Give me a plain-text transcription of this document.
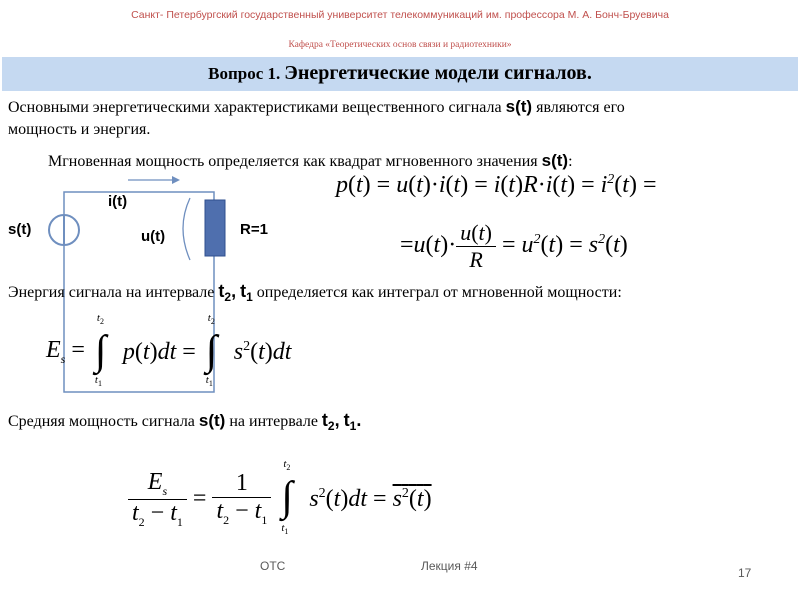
Санкт- Петербургский государственный университет телекоммуникаций им. профессора М. А. Бонч-Бруевича
Кафедра «Теоретических основ связи и радиотехники»
Вопрос 1. Энергетические модели сигналов.
Основными энергетическими характеристиками вещественного сигнала s(t) являются его
мощность и энергия.
Мгновенная мощность определяется как квадрат мгновенного значения s(t):
i(t)
s(t)	u(t)	R=1
$p(t) = u(t)\cdot i(t) = i(t)R\cdot i(t) = i^2(t)$ =
$=u(t)\cdot \frac{u(t)}{R} = u^2(t) = s^2(t)$
Энергия сигнала на интервале $t_2$, $t_1$ определяется как интеграл от мгновенной мощности:
$E_s$ =
$t_2$
∫
$t_1$
p(t)dt =
$t_2$
∫
$t_1$
$s^2(t)dt$
Средняя мощность сигнала s(t) на интервале $t_2$, $t_1$.
$\frac{E_s}{t_2 - t_1} = \frac{1}{t_2 - t_1}$

$t_2$
∫
$t_1$
$s^2(t)dt = s^2(t)$
ОТС	Лекция #4	17
